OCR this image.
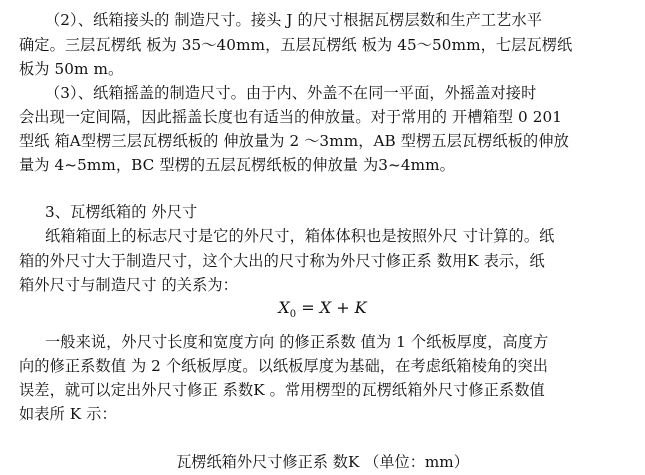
（2）、纸箱接头的 制造尺寸。接头 J 的尺寸根据瓦楞层数和生产工艺水平
确定。三层瓦楞纸 板为 35～40mm，五层瓦楞纸 板为 45～50mm，七层瓦楞纸
板为 50m m。
（3）、纸箱摇盖的制造尺寸。由于内、外盖不在同一平面，外摇盖对接时
会出现一定间隔，因此摇盖长度也有适当的伸放量。对于常用的 开槽箱型 0 201
型纸 箱A型楞三层瓦楞纸板的 伸放量为 2 ～3mm，AB 型楞五层瓦楞纸板的伸放
量为 4~5mm，BC 型楞的五层瓦楞纸板的伸放量 为3~4mm。
3、瓦楞纸箱的 外尺寸
纸箱箱面上的标志尺寸是它的外尺寸，箱体体积也是按照外尺 寸计算的。纸
箱的外尺寸大于制造尺寸，这个大出的尺寸称为外尺寸修正系 数用K 表示，纸
箱外尺寸与制造尺寸 的关系为：
$X_0 = X + K$
一般来说，外尺寸长度和宽度方向 的修正系数 值为 1 个纸板厚度，高度方
向的修正系数值 为 2 个纸板厚度。以纸板厚度为基础，在考虑纸箱棱角的突出
误差，就可以定出外尺寸修正 系数K 。常用楞型的瓦楞纸箱外尺寸修正系数值
如表所 K 示：
瓦楞纸箱外尺寸修正系 数K （单位：mm）
